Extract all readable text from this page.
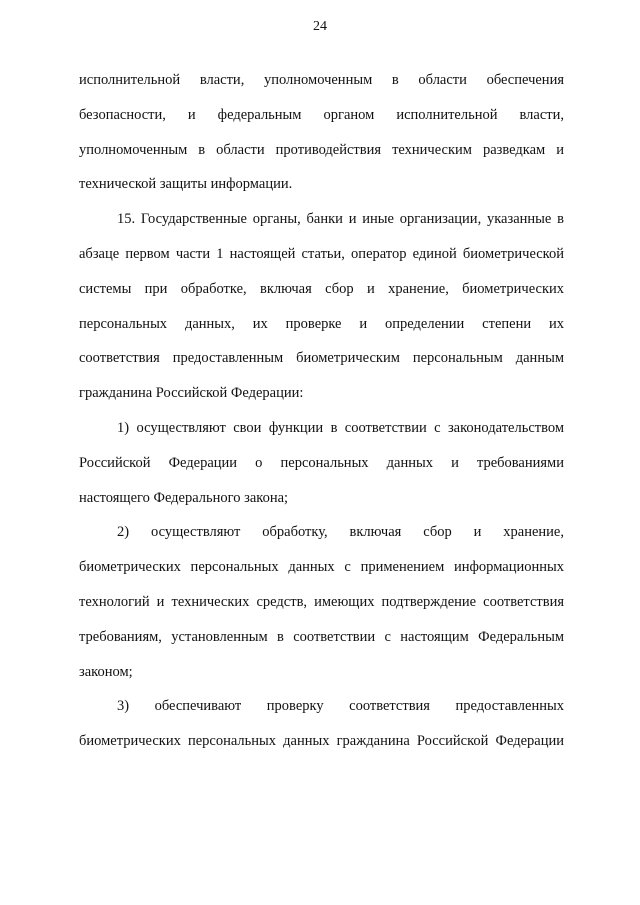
24
исполнительной власти, уполномоченным в области обеспечения
безопасности, и федеральным органом исполнительной власти,
уполномоченным в области противодействия техническим разведкам и
технической защиты информации.
15. Государственные органы, банки и иные организации, указанные в
абзаце первом части 1 настоящей статьи, оператор единой биометрической
системы при обработке, включая сбор и хранение, биометрических
персональных данных, их проверке и определении степени их
соответствия предоставленным биометрическим персональным данным
гражданина Российской Федерации:
1) осуществляют свои функции в соответствии с законодательством
Российской Федерации о персональных данных и требованиями
настоящего Федерального закона;
2) осуществляют обработку, включая сбор и хранение,
биометрических персональных данных с применением информационных
технологий и технических средств, имеющих подтверждение соответствия
требованиям, установленным в соответствии с настоящим Федеральным
законом;
3) обеспечивают проверку соответствия предоставленных
биометрических персональных данных гражданина Российской Федерации
